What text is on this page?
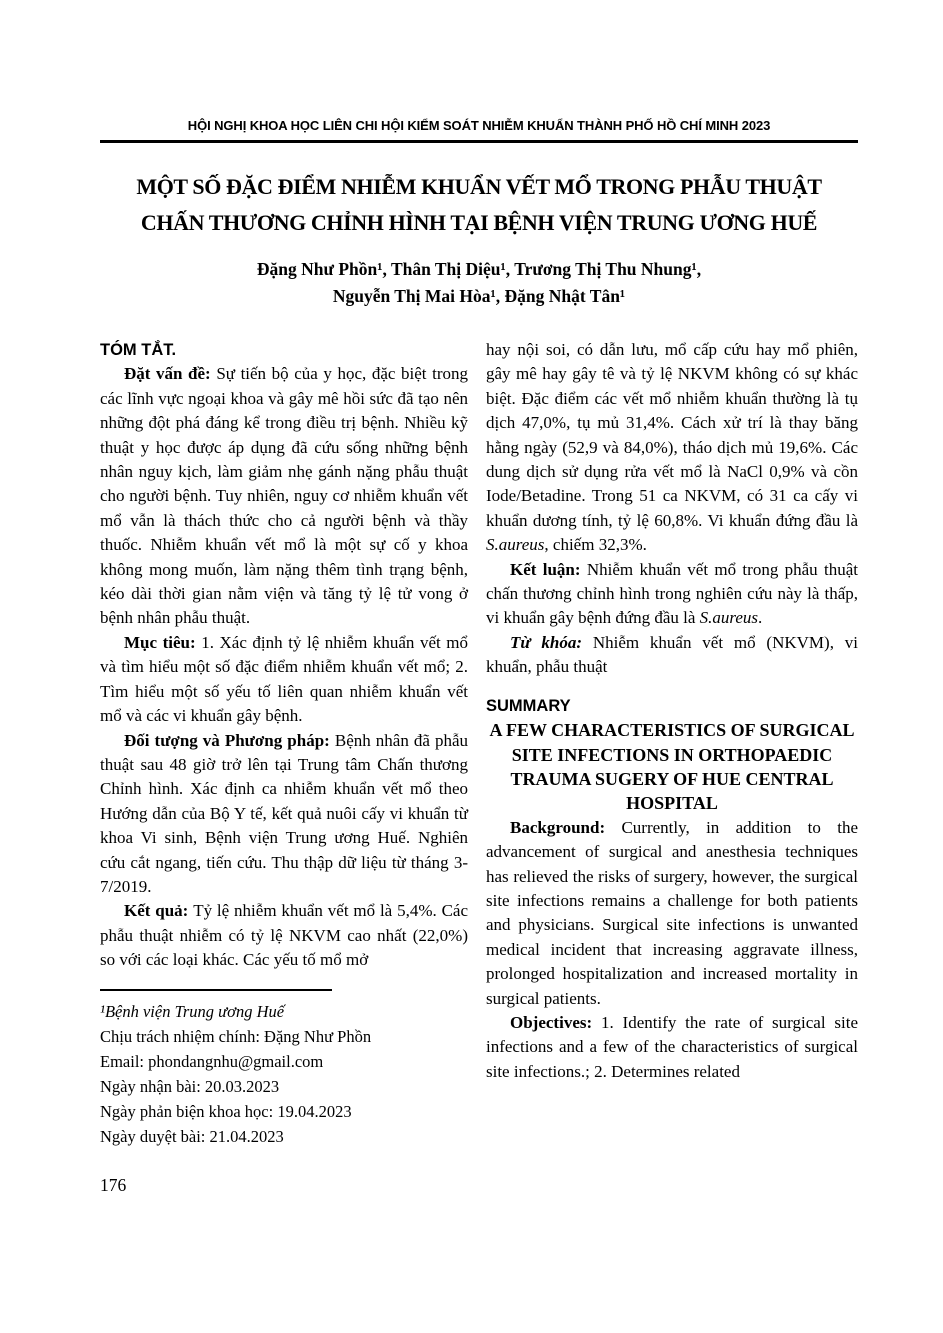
HỘI NGHỊ KHOA HỌC LIÊN CHI HỘI KIỂM SOÁT NHIỄM KHUẨN THÀNH PHỐ HỒ CHÍ MINH 2023
MỘT SỐ ĐẶC ĐIỂM NHIỄM KHUẨN VẾT MỔ TRONG PHẪU THUẬT
CHẤN THƯƠNG CHỈNH HÌNH TẠI BỆNH VIỆN TRUNG ƯƠNG HUẾ
Đặng Như Phồn¹, Thân Thị Diệu¹, Trương Thị Thu Nhung¹,
Nguyễn Thị Mai Hòa¹, Đặng Nhật Tân¹

TÓM TẮT.

Đặt vấn đề: Sự tiến bộ của y học, đặc biệt trong các lĩnh vực ngoại khoa và gây mê hồi sức đã tạo nên những đột phá đáng kể trong điều trị bệnh. Nhiều kỹ thuật y học được áp dụng đã cứu sống những bệnh nhân nguy kịch, làm giảm nhẹ gánh nặng phẫu thuật cho người bệnh. Tuy nhiên, nguy cơ nhiễm khuẩn vết mổ vẫn là thách thức cho cả người bệnh và thầy thuốc. Nhiễm khuẩn vết mổ là một sự cố y khoa không mong muốn, làm nặng thêm tình trạng bệnh, kéo dài thời gian nằm viện và tăng tỷ lệ tử vong ở bệnh nhân phẫu thuật.

Mục tiêu: 1. Xác định tỷ lệ nhiễm khuẩn vết mổ và tìm hiểu một số đặc điểm nhiễm khuẩn vết mổ; 2. Tìm hiểu một số yếu tố liên quan nhiễm khuẩn vết mổ và các vi khuẩn gây bệnh.

Đối tượng và Phương pháp: Bệnh nhân đã phẫu thuật sau 48 giờ trở lên tại Trung tâm Chấn thương Chỉnh hình. Xác định ca nhiễm khuẩn vết mổ theo Hướng dẫn của Bộ Y tế, kết quả nuôi cấy vi khuẩn từ khoa Vi sinh, Bệnh viện Trung ương Huế. Nghiên cứu cắt ngang, tiến cứu. Thu thập dữ liệu từ tháng 3- 7/2019.

Kết quả: Tỷ lệ nhiễm khuẩn vết mổ là 5,4%. Các phẫu thuật nhiễm có tỷ lệ NKVM cao nhất (22,0%) so với các loại khác. Các yếu tố mổ mở

¹Bệnh viện Trung ương Huế

Chịu trách nhiệm chính: Đặng Như Phồn

Email: phondangnhu@gmail.com

Ngày nhận bài: 20.03.2023

Ngày phản biện khoa học: 19.04.2023

Ngày duyệt bài: 21.04.2023

hay nội soi, có dẫn lưu, mổ cấp cứu hay mổ phiên, gây mê hay gây tê và tỷ lệ NKVM không có sự khác biệt. Đặc điểm các vết mổ nhiễm khuẩn thường là tụ dịch 47,0%, tụ mủ 31,4%. Cách xử trí là thay băng hằng ngày (52,9 và 84,0%), tháo dịch mủ 19,6%. Các dung dịch sử dụng rửa vết mổ là NaCl 0,9% và cồn Iode/Betadine. Trong 51 ca NKVM, có 31 ca cấy vi khuẩn dương tính, tỷ lệ 60,8%. Vi khuẩn đứng đầu là S.aureus, chiếm 32,3%.

Kết luận: Nhiễm khuẩn vết mổ trong phẫu thuật chấn thương chỉnh hình trong nghiên cứu này là thấp, vi khuẩn gây bệnh đứng đầu là S.aureus.

Từ khóa: Nhiễm khuẩn vết mổ (NKVM), vi khuẩn, phẫu thuật

SUMMARY

A FEW CHARACTERISTICS OF SURGICAL SITE INFECTIONS IN ORTHOPAEDIC TRAUMA SUGERY OF HUE CENTRAL HOSPITAL

Background: Currently, in addition to the advancement of surgical and anesthesia techniques has relieved the risks of surgery, however, the surgical site infections remains a challenge for both patients and physicians. Surgical site infections is unwanted medical incident that increasing aggravate illness, prolonged hospitalization and increased mortality in surgical patients.

Objectives: 1. Identify the rate of surgical site infections and a few of the characteristics of surgical site infections.; 2. Determines related

176
